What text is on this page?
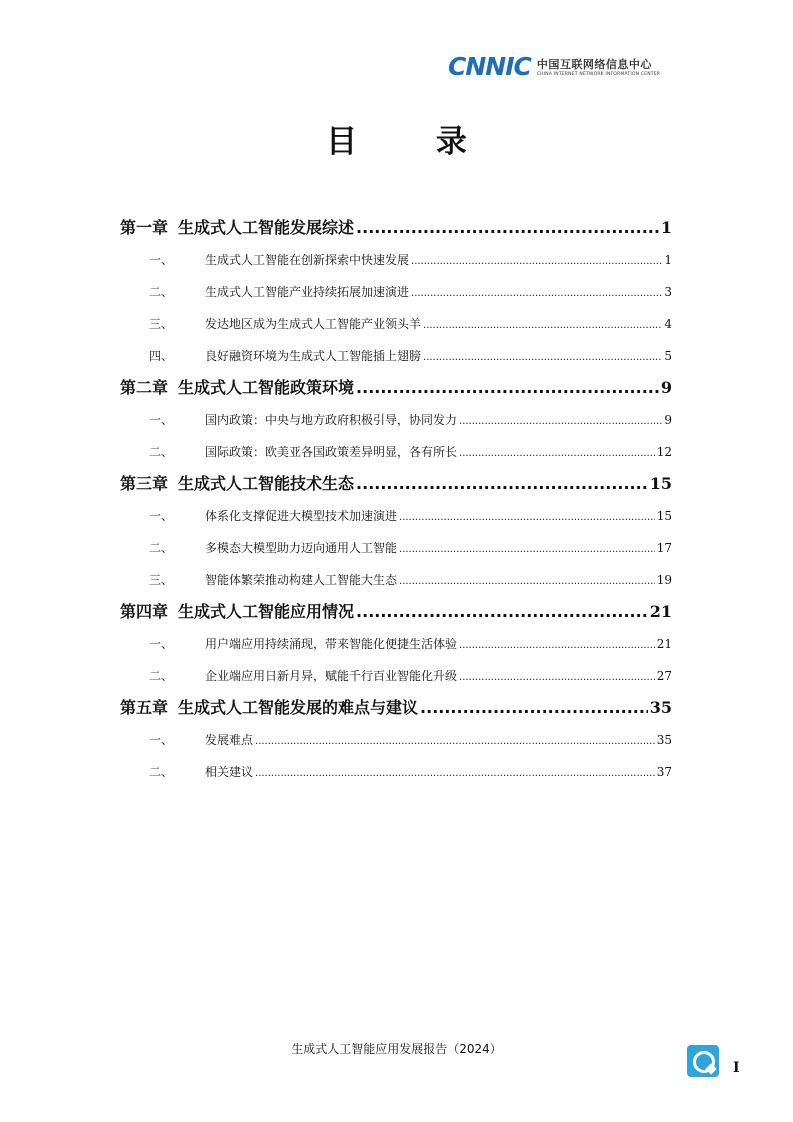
CNNIC 中国互联网络信息中心
CHINA INTERNET NETWORK INFORMATION CENTER
目 录
第一章 生成式人工智能发展综述 .....	1
一、	生成式人工智能在创新探索中快速发展 .....	1
二、	生成式人工智能产业持续拓展加速演进 .....	3
三、	发达地区成为生成式人工智能产业领头羊 .....	4
四、	良好融资环境为生成式人工智能插上翅膀 .....	5
第二章 生成式人工智能政策环境 .....	9
一、	国内政策：中央与地方政府积极引导，协同发力 .....	9
二、	国际政策：欧美亚各国政策差异明显，各有所长 .....	12
第三章 生成式人工智能技术生态 .....	15
一、	体系化支撑促进大模型技术加速演进 .....	15
二、	多模态大模型助力迈向通用人工智能 .....	17
三、	智能体繁荣推动构建人工智能大生态 .....	19
第四章 生成式人工智能应用情况 .....	21
一、	用户端应用持续涌现，带来智能化便捷生活体验 .....	21
二、	企业端应用日新月异，赋能千行百业智能化升级 .....	27
第五章 生成式人工智能发展的难点与建议 .....	35
一、	发展难点 .....	35
二、	相关建议 .....	37
生成式人工智能应用发展报告（2024）
I
